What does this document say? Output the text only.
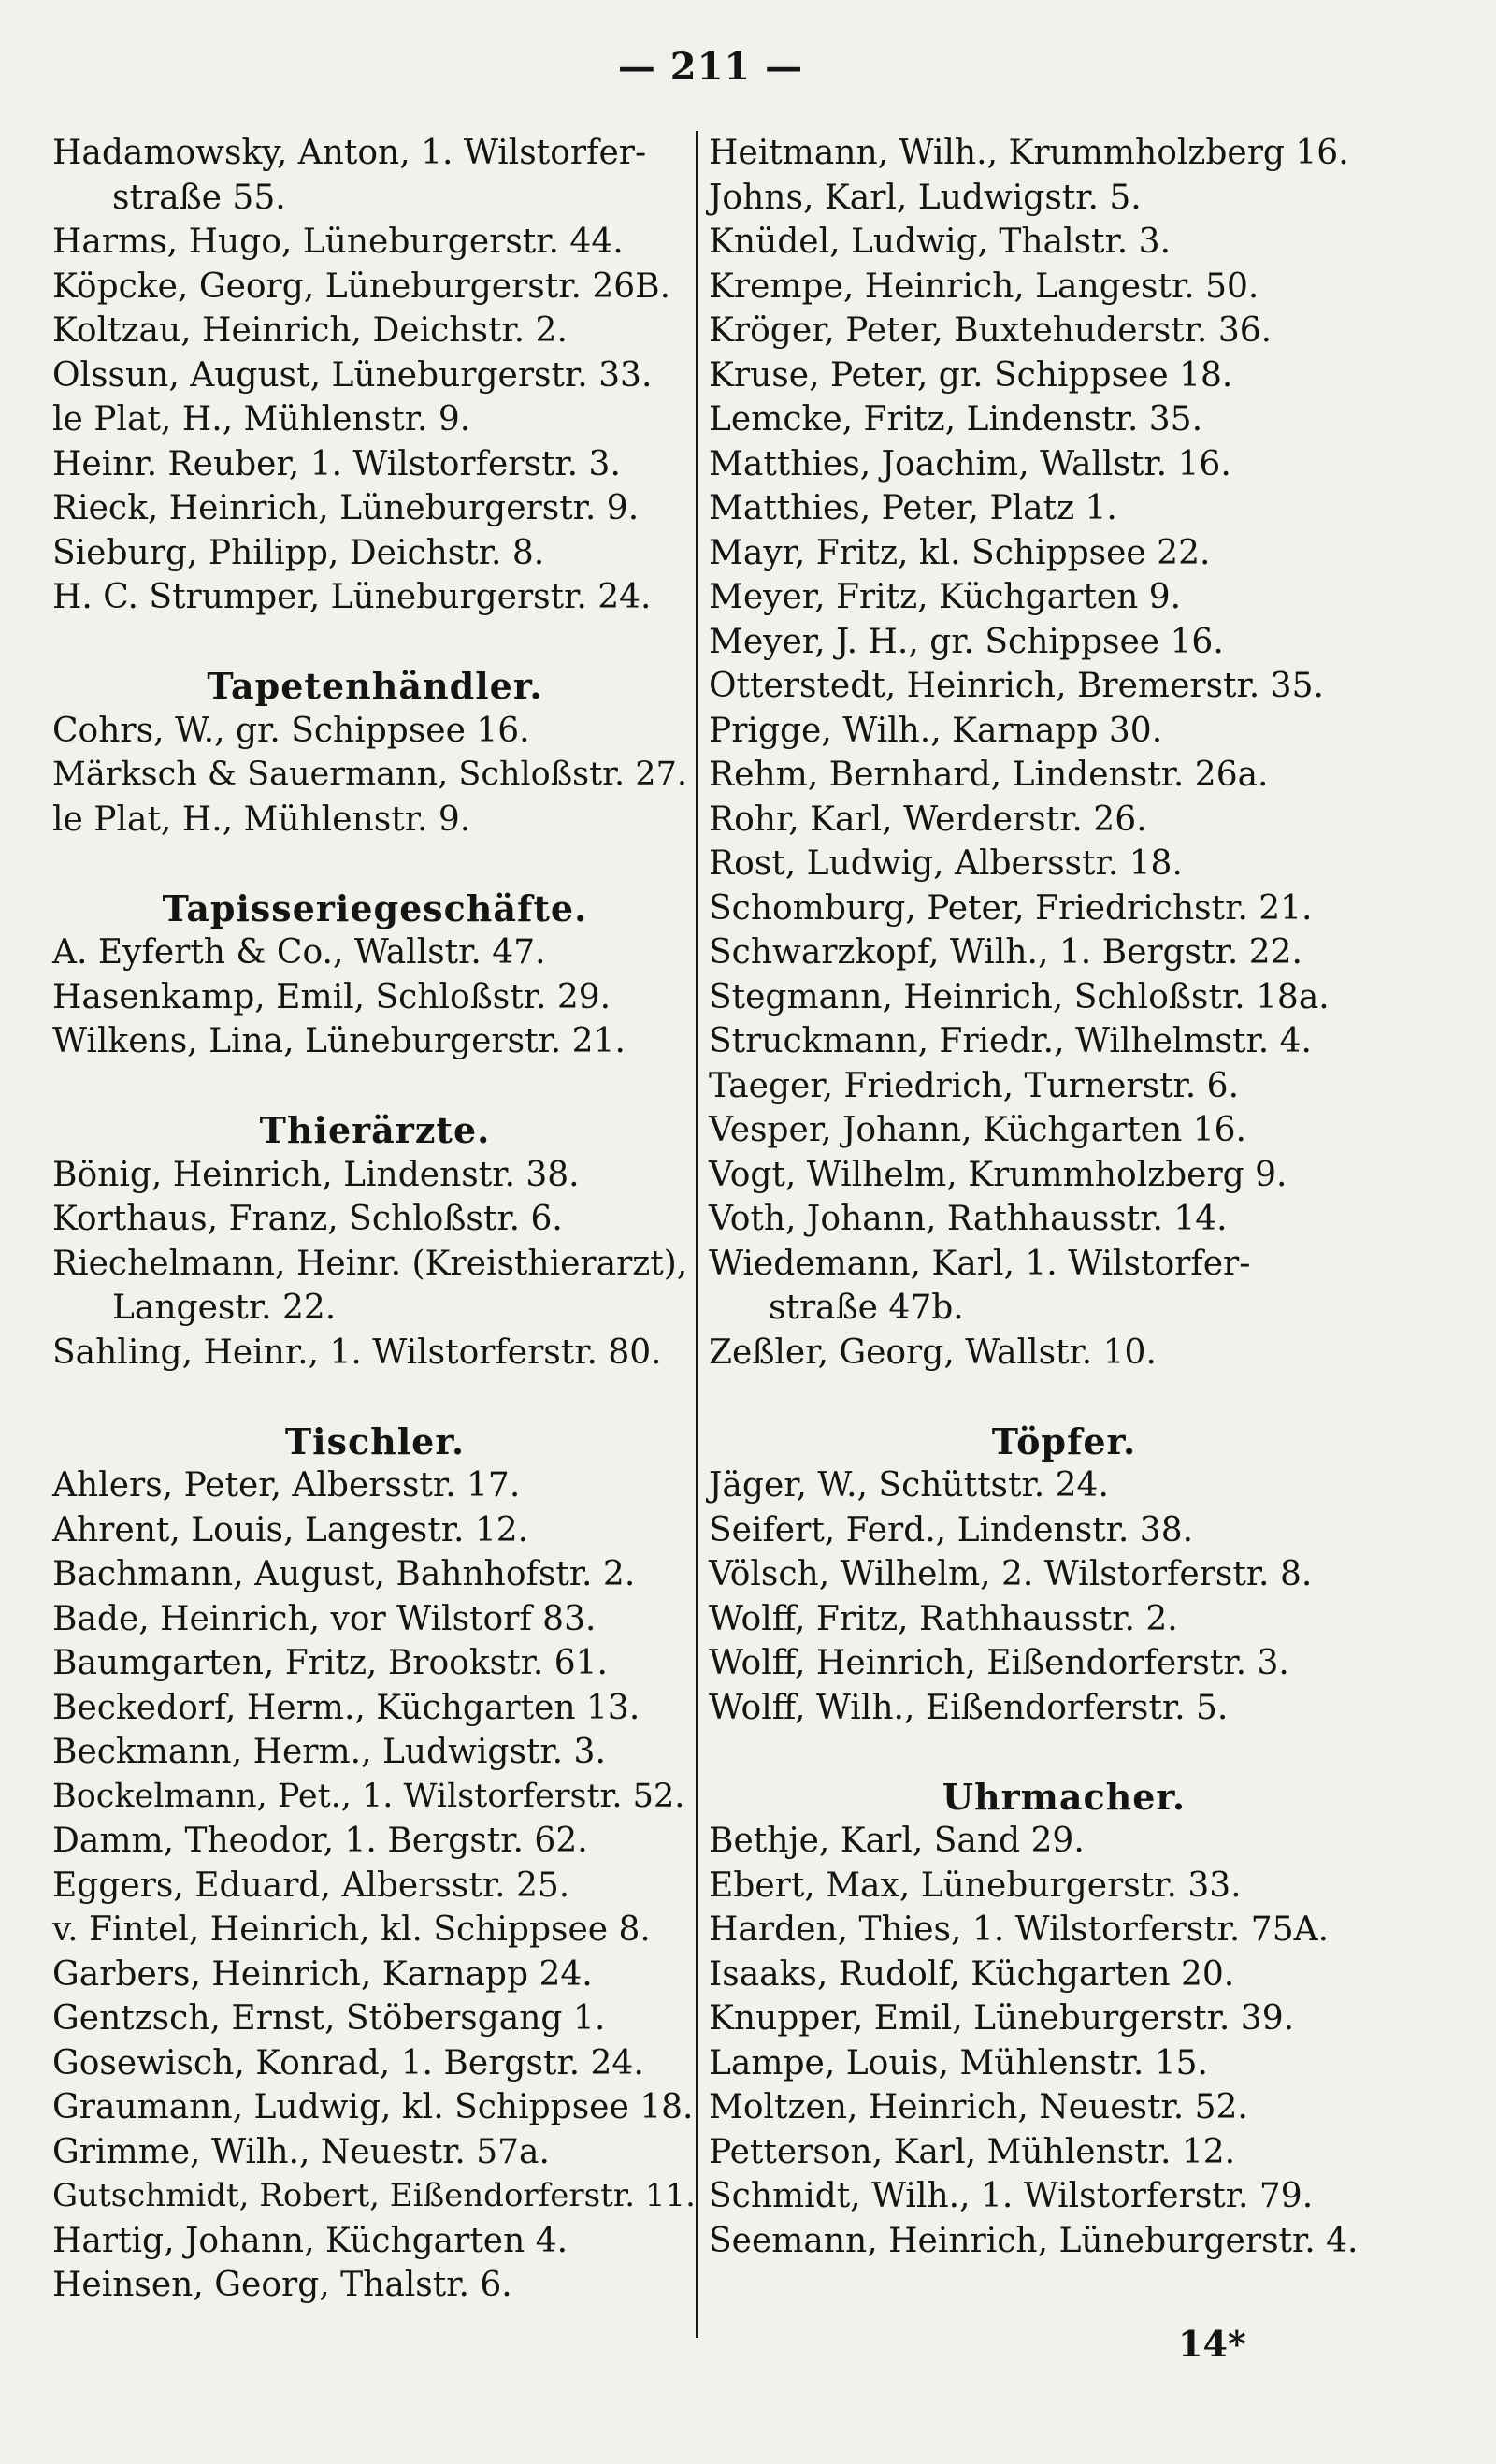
— 211 —
Hadamowsky, Anton, 1. Wilstorfer-
straße 55.
Harms, Hugo, Lüneburgerstr. 44.
Köpcke, Georg, Lüneburgerstr. 26B.
Koltzau, Heinrich, Deichstr. 2.
Olssun, August, Lüneburgerstr. 33.
le Plat, H., Mühlenstr. 9.
Heinr. Reuber, 1. Wilstorferstr. 3.
Rieck, Heinrich, Lüneburgerstr. 9.
Sieburg, Philipp, Deichstr. 8.
H. C. Strumper, Lüneburgerstr. 24.
Tapetenhändler.
Cohrs, W., gr. Schippsee 16.
Märksch & Sauermann, Schloßstr. 27.
le Plat, H., Mühlenstr. 9.
Tapisseriegeschäfte.
A. Eyferth & Co., Wallstr. 47.
Hasenkamp, Emil, Schloßstr. 29.
Wilkens, Lina, Lüneburgerstr. 21.
Thierärzte.
Bönig, Heinrich, Lindenstr. 38.
Korthaus, Franz, Schloßstr. 6.
Riechelmann, Heinr. (Kreisthierarzt),
Langestr. 22.
Sahling, Heinr., 1. Wilstorferstr. 80.
Tischler.
Ahlers, Peter, Albersstr. 17.
Ahrent, Louis, Langestr. 12.
Bachmann, August, Bahnhofstr. 2.
Bade, Heinrich, vor Wilstorf 83.
Baumgarten, Fritz, Brookstr. 61.
Beckedorf, Herm., Küchgarten 13.
Beckmann, Herm., Ludwigstr. 3.
Bockelmann, Pet., 1. Wilstorferstr. 52.
Damm, Theodor, 1. Bergstr. 62.
Eggers, Eduard, Albersstr. 25.
v. Fintel, Heinrich, kl. Schippsee 8.
Garbers, Heinrich, Karnapp 24.
Gentzsch, Ernst, Stöbersgang 1.
Gosewisch, Konrad, 1. Bergstr. 24.
Graumann, Ludwig, kl. Schippsee 18.
Grimme, Wilh., Neuestr. 57a.
Gutschmidt, Robert, Eißendorferstr. 11.
Hartig, Johann, Küchgarten 4.
Heinsen, Georg, Thalstr. 6.
Heitmann, Wilh., Krummholzberg 16.
Johns, Karl, Ludwigstr. 5.
Knüdel, Ludwig, Thalstr. 3.
Krempe, Heinrich, Langestr. 50.
Kröger, Peter, Buxtehuderstr. 36.
Kruse, Peter, gr. Schippsee 18.
Lemcke, Fritz, Lindenstr. 35.
Matthies, Joachim, Wallstr. 16.
Matthies, Peter, Platz 1.
Mayr, Fritz, kl. Schippsee 22.
Meyer, Fritz, Küchgarten 9.
Meyer, J. H., gr. Schippsee 16.
Otterstedt, Heinrich, Bremerstr. 35.
Prigge, Wilh., Karnapp 30.
Rehm, Bernhard, Lindenstr. 26a.
Rohr, Karl, Werderstr. 26.
Rost, Ludwig, Albersstr. 18.
Schomburg, Peter, Friedrichstr. 21.
Schwarzkopf, Wilh., 1. Bergstr. 22.
Stegmann, Heinrich, Schloßstr. 18a.
Struckmann, Friedr., Wilhelmstr. 4.
Taeger, Friedrich, Turnerstr. 6.
Vesper, Johann, Küchgarten 16.
Vogt, Wilhelm, Krummholzberg 9.
Voth, Johann, Rathhausstr. 14.
Wiedemann, Karl, 1. Wilstorfer-
straße 47b.
Zeßler, Georg, Wallstr. 10.
Töpfer.
Jäger, W., Schüttstr. 24.
Seifert, Ferd., Lindenstr. 38.
Völsch, Wilhelm, 2. Wilstorferstr. 8.
Wolff, Fritz, Rathhausstr. 2.
Wolff, Heinrich, Eißendorferstr. 3.
Wolff, Wilh., Eißendorferstr. 5.
Uhrmacher.
Bethje, Karl, Sand 29.
Ebert, Max, Lüneburgerstr. 33.
Harden, Thies, 1. Wilstorferstr. 75A.
Isaaks, Rudolf, Küchgarten 20.
Knupper, Emil, Lüneburgerstr. 39.
Lampe, Louis, Mühlenstr. 15.
Moltzen, Heinrich, Neuestr. 52.
Petterson, Karl, Mühlenstr. 12.
Schmidt, Wilh., 1. Wilstorferstr. 79.
Seemann, Heinrich, Lüneburgerstr. 4.
14*
